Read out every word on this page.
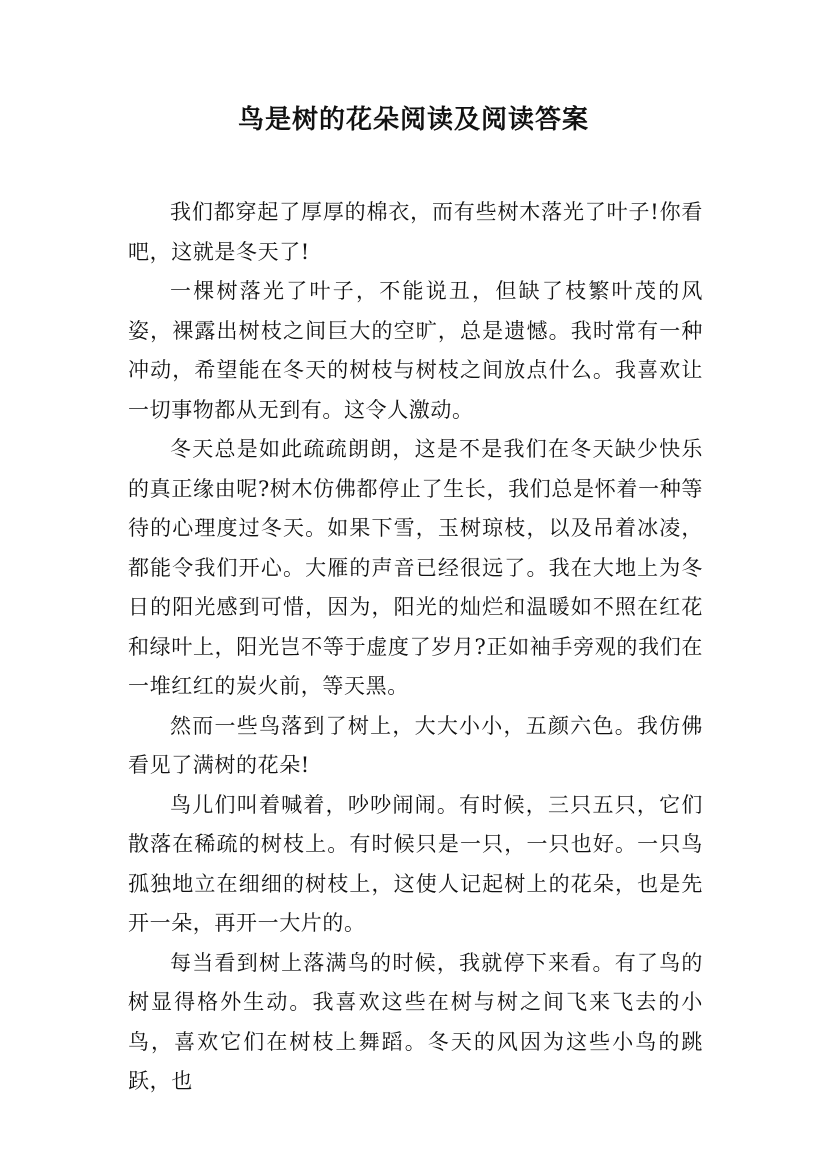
鸟是树的花朵阅读及阅读答案

我们都穿起了厚厚的棉衣，而有些树木落光了叶子!你看吧，这就是冬天了!

一棵树落光了叶子，不能说丑，但缺了枝繁叶茂的风姿，裸露出树枝之间巨大的空旷，总是遗憾。我时常有一种冲动，希望能在冬天的树枝与树枝之间放点什么。我喜欢让一切事物都从无到有。这令人激动。

冬天总是如此疏疏朗朗，这是不是我们在冬天缺少快乐的真正缘由呢?树木仿佛都停止了生长，我们总是怀着一种等待的心理度过冬天。如果下雪，玉树琼枝，以及吊着冰凌，都能令我们开心。大雁的声音已经很远了。我在大地上为冬日的阳光感到可惜，因为，阳光的灿烂和温暖如不照在红花和绿叶上，阳光岂不等于虚度了岁月?正如袖手旁观的我们在一堆红红的炭火前，等天黑。

然而一些鸟落到了树上，大大小小，五颜六色。我仿佛看见了满树的花朵!

鸟儿们叫着喊着，吵吵闹闹。有时候，三只五只，它们散落在稀疏的树枝上。有时候只是一只，一只也好。一只鸟孤独地立在细细的树枝上，这使人记起树上的花朵，也是先开一朵，再开一大片的。

每当看到树上落满鸟的时候，我就停下来看。有了鸟的树显得格外生动。我喜欢这些在树与树之间飞来飞去的小鸟，喜欢它们在树枝上舞蹈。冬天的风因为这些小鸟的跳跃，也
